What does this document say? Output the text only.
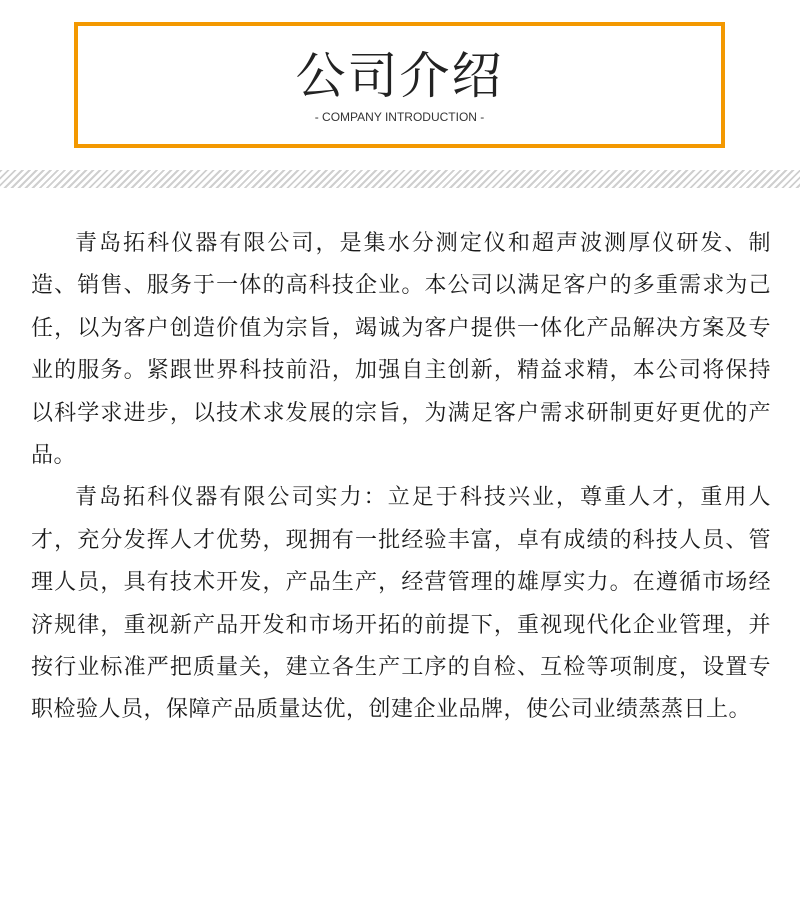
公司介绍
- COMPANY INTRODUCTION -

青岛拓科仪器有限公司，是集水分测定仪和超声波测厚仪研发、制造、销售、服务于一体的高科技企业。本公司以满足客户的多重需求为己任，以为客户创造价值为宗旨，竭诚为客户提供一体化产品解决方案及专业的服务。紧跟世界科技前沿，加强自主创新，精益求精，本公司将保持以科学求进步，以技术求发展的宗旨，为满足客户需求研制更好更优的产品。

青岛拓科仪器有限公司实力：立足于科技兴业，尊重人才，重用人才，充分发挥人才优势，现拥有一批经验丰富，卓有成绩的科技人员、管理人员，具有技术开发，产品生产，经营管理的雄厚实力。在遵循市场经济规律，重视新产品开发和市场开拓的前提下，重视现代化企业管理，并按行业标准严把质量关，建立各生产工序的自检、互检等项制度，设置专职检验人员，保障产品质量达优，创建企业品牌，使公司业绩蒸蒸日上。
